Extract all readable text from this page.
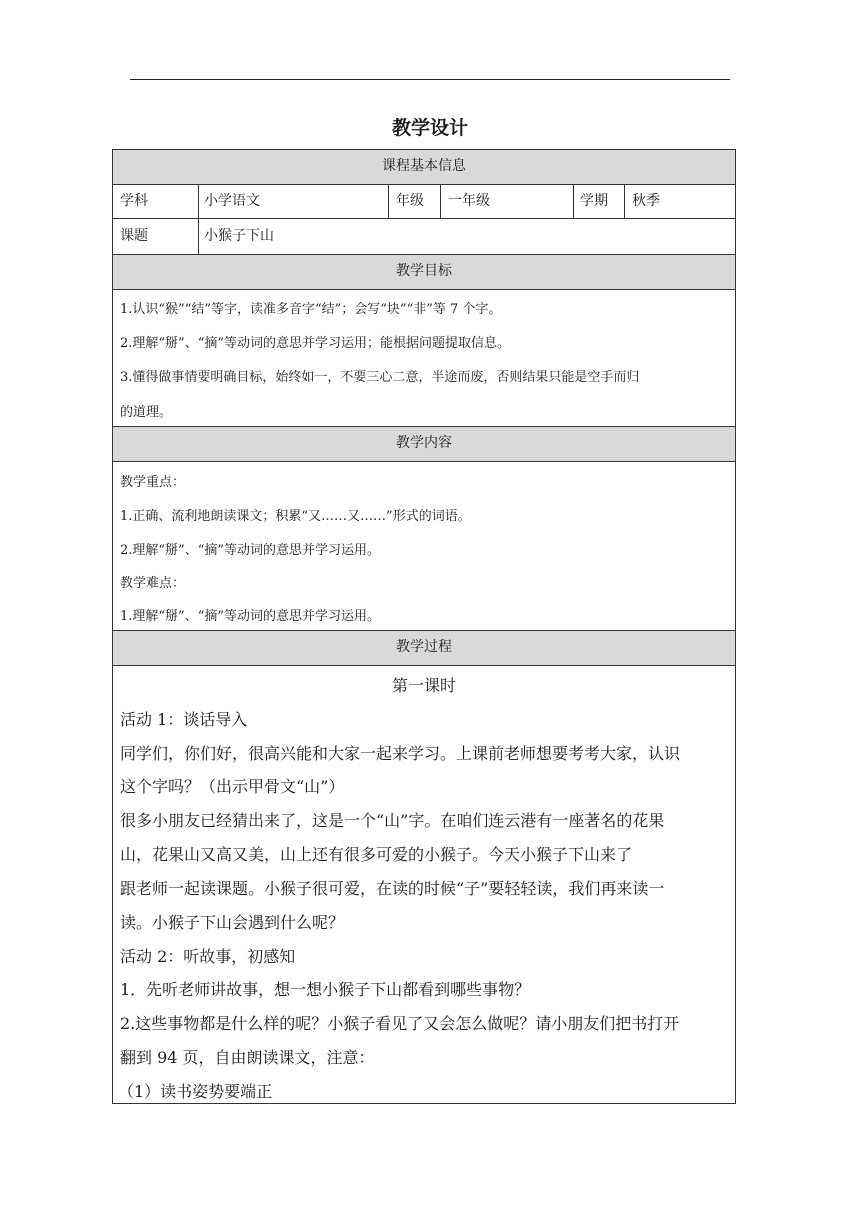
教学设计
课程基本信息
学科	小学语文	年级 一年级	学期 秋季
课题	小猴子下山
教学目标
1.认识“猴”“结”等字，读准多音字“结”；会写“块”“非”等 7 个字。
2.理解“掰”、“摘”等动词的意思并学习运用；能根据问题提取信息。
3.懂得做事情要明确目标，始终如一，不要三心二意，半途而废，否则结果只能是空手而归
的道理。
教学内容
教学重点：
1.正确、流利地朗读课文；积累“又……又……”形式的词语。
2.理解“掰”、“摘”等动词的意思并学习运用。
教学难点：
1.理解“掰”、“摘”等动词的意思并学习运用。
教学过程
第一课时
活动 1：谈话导入
同学们，你们好，很高兴能和大家一起来学习。上课前老师想要考考大家，认识
这个字吗？（出示甲骨文“山”）
很多小朋友已经猜出来了，这是一个“山”字。在咱们连云港有一座著名的花果
山，花果山又高又美，山上还有很多可爱的小猴子。今天小猴子下山来了
跟老师一起读课题。小猴子很可爱，在读的时候“子”要轻轻读，我们再来读一
读。小猴子下山会遇到什么呢？
活动 2：听故事，初感知
1．先听老师讲故事，想一想小猴子下山都看到哪些事物？
2.这些事物都是什么样的呢？小猴子看见了又会怎么做呢？请小朋友们把书打开
翻到 94 页，自由朗读课文，注意：
（1）读书姿势要端正
